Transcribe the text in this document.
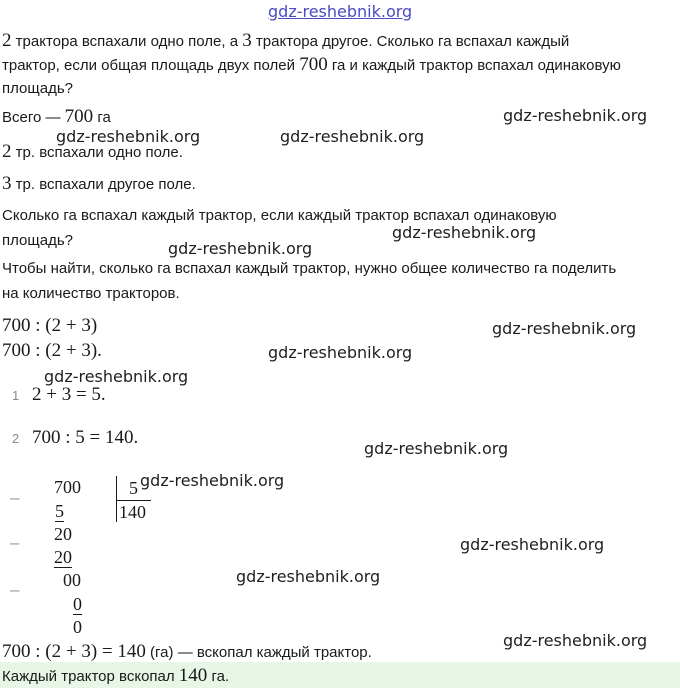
gdz-reshebnik.org
2 трактора вспахали одно поле, а 3 трактора другое. Сколько га вспахал каждый
трактор, если общая площадь двух полей 700 га и каждый трактор вспахал одинаковую
площадь?
Всего — 700 га
2 тр. вспахали одно поле.
3 тр. вспахали другое поле.
Сколько га вспахал каждый трактор, если каждый трактор вспахал одинаковую
площадь?
Чтобы найти, сколько га вспахал каждый трактор, нужно общее количество га поделить
на количество тракторов.
700 : (2 + 3)
700 : (2 + 3).
1 2 + 3 = 5.
2 700 : 5 = 140.
–
–
–
700
5
20
20
00
0
0
5
140
700 : (2 + 3) = 140 (га) — вскопал каждый трактор.
Каждый трактор вскопал 140 га.
gdz-reshebnik.org
gdz-reshebnik.org	gdz-reshebnik.org
gdz-reshebnik.org
gdz-reshebnik.org
gdz-reshebnik.org
gdz-reshebnik.org
gdz-reshebnik.org
gdz-reshebnik.org
gdz-reshebnik.org
gdz-reshebnik.org
gdz-reshebnik.org
gdz-reshebnik.org
